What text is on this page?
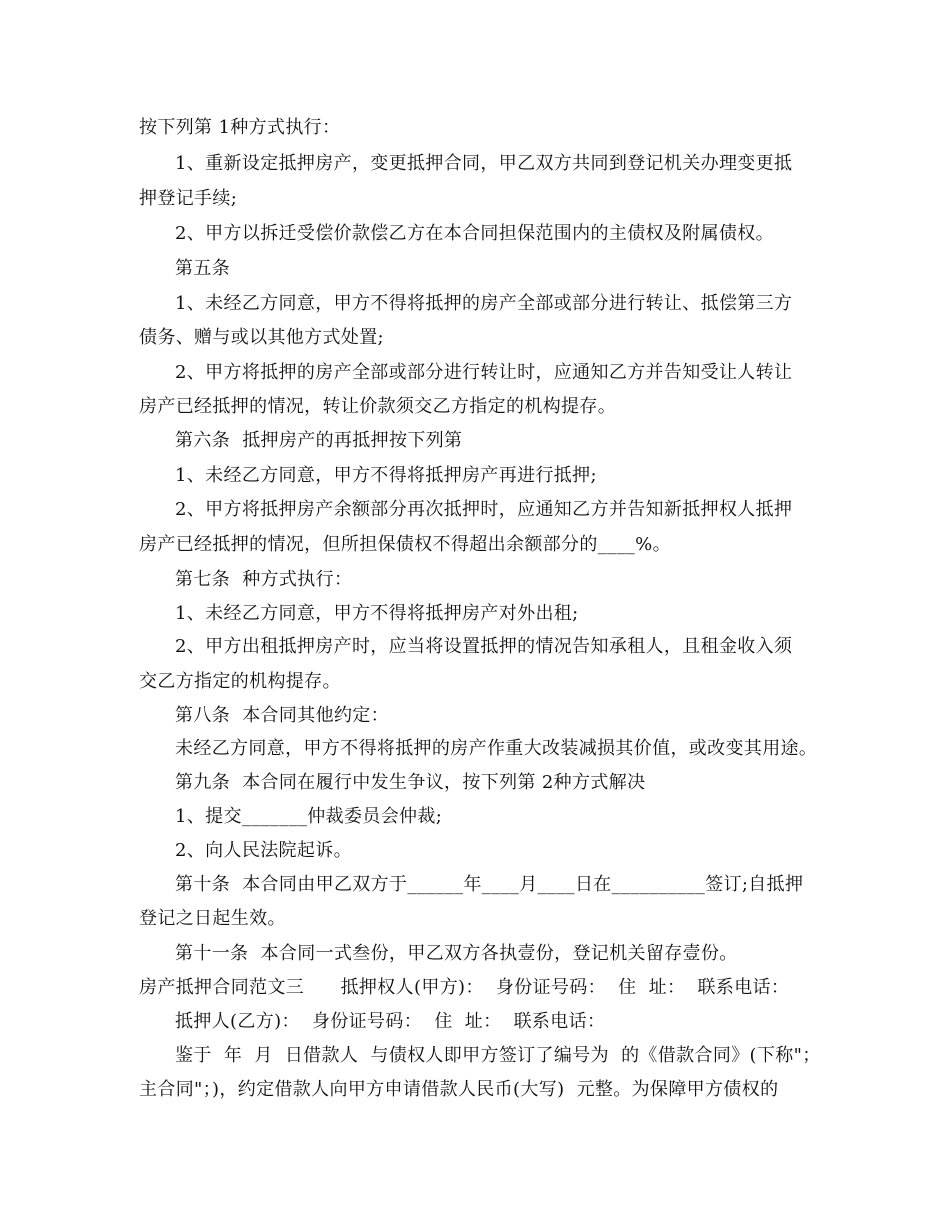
按下列第 1种方式执行：
1、重新设定抵押房产，变更抵押合同，甲乙双方共同到登记机关办理变更抵
押登记手续;
2、甲方以拆迁受偿价款偿乙方在本合同担保范围内的主债权及附属债权。
第五条
1、未经乙方同意，甲方不得将抵押的房产全部或部分进行转让、抵偿第三方
债务、赠与或以其他方式处置;
2、甲方将抵押的房产全部或部分进行转让时，应通知乙方并告知受让人转让
房产已经抵押的情况，转让价款须交乙方指定的机构提存。
第六条  抵押房产的再抵押按下列第
1、未经乙方同意，甲方不得将抵押房产再进行抵押;
2、甲方将抵押房产余额部分再次抵押时，应通知乙方并告知新抵押权人抵押
房产已经抵押的情况，但所担保债权不得超出余额部分的____%。
第七条  种方式执行：
1、未经乙方同意，甲方不得将抵押房产对外出租;
2、甲方出租抵押房产时，应当将设置抵押的情况告知承租人，且租金收入须
交乙方指定的机构提存。
第八条  本合同其他约定：
未经乙方同意，甲方不得将抵押的房产作重大改装减损其价值，或改变其用途。
第九条  本合同在履行中发生争议，按下列第 2种方式解决
1、提交_______仲裁委员会仲裁;
2、向人民法院起诉。
第十条  本合同由甲乙双方于______年____月____日在__________签订;自抵押
登记之日起生效。
第十一条  本合同一式叁份，甲乙双方各执壹份，登记机关留存壹份。
房产抵押合同范文三      抵押权人(甲方)：  身份证号码：  住  址：  联系电话：
抵押人(乙方)：  身份证号码：  住  址：  联系电话：
鉴于  年  月  日借款人  与债权人即甲方签订了编号为  的《借款合同》(下称"；
主合同"；)，约定借款人向甲方申请借款人民币(大写)  元整。为保障甲方债权的
